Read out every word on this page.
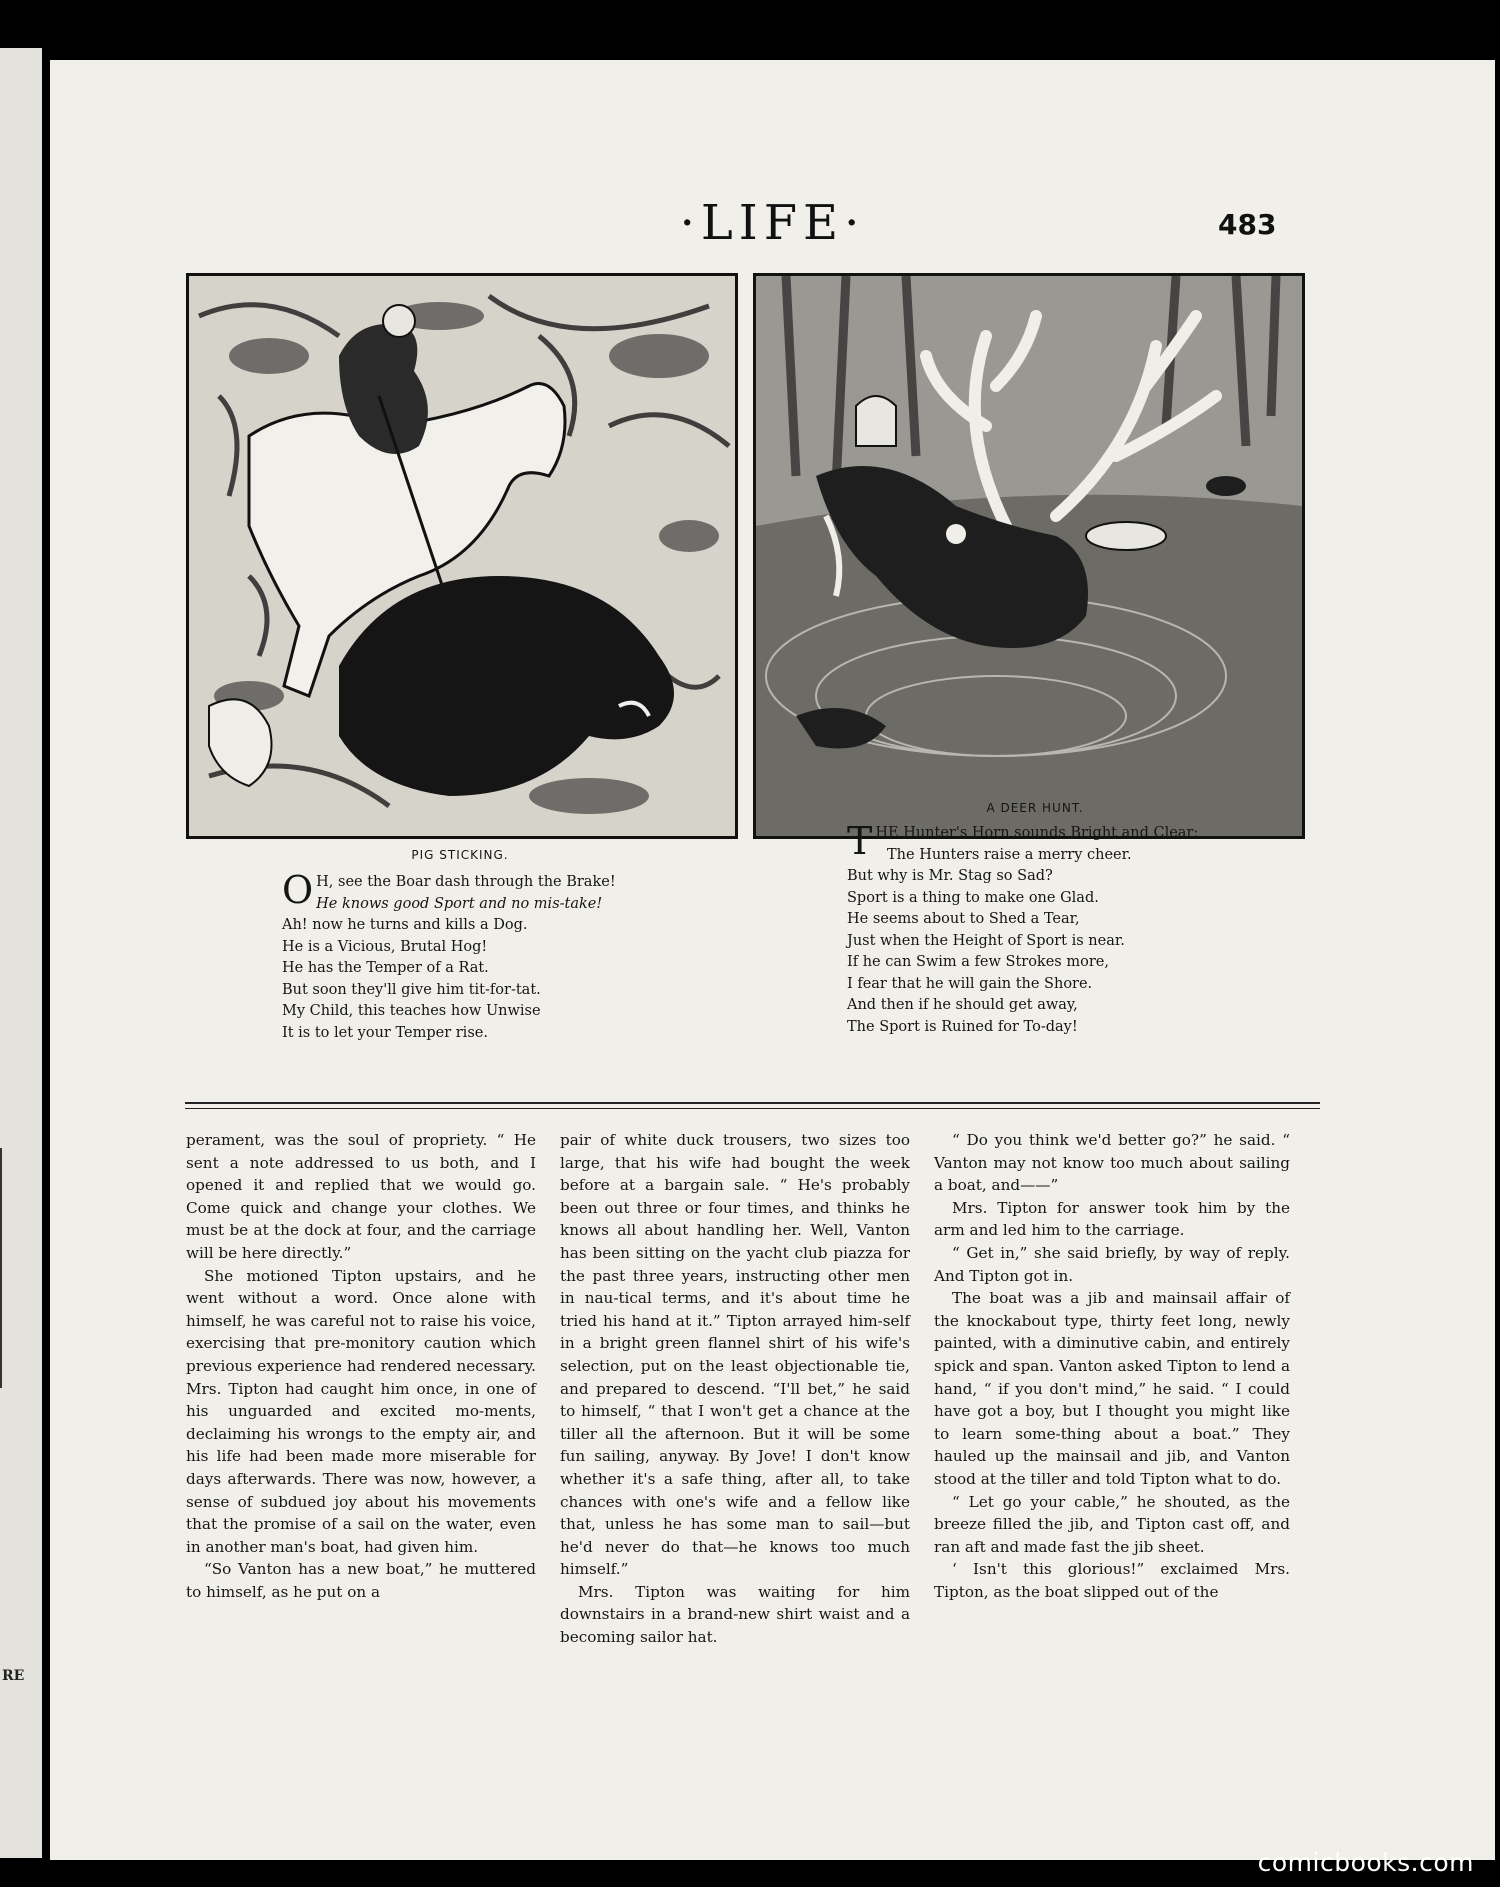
RE
·LIFE·	483
PIG STICKING.
O H, see the Boar dash through the Brake!
He knows good Sport and no mis-take!
Ah! now he turns and kills a Dog.
He is a Vicious, Brutal Hog!
He has the Temper of a Rat.
But soon they'll give him tit-for-tat.
My Child, this teaches how Unwise
It is to let your Temper rise.
A DEER HUNT.
T HE Hunter's Horn sounds Bright and Clear;
The Hunters raise a merry cheer.
But why is Mr. Stag so Sad?
Sport is a thing to make one Glad.
He seems about to Shed a Tear,
Just when the Height of Sport is near.
If he can Swim a few Strokes more,
I fear that he will gain the Shore.
And then if he should get away,
The Sport is Ruined for To-day!

perament, was the soul of propriety. “ He sent a note addressed to us both, and I opened it and replied that we would go. Come quick and change your clothes. We must be at the dock at four, and the carriage will be here directly.”

She motioned Tipton upstairs, and he went without a word. Once alone with himself, he was careful not to raise his voice, exercising that pre-monitory caution which previous experience had rendered necessary. Mrs. Tipton had caught him once, in one of his unguarded and excited mo-ments, declaiming his wrongs to the empty air, and his life had been made more miserable for days afterwards. There was now, however, a sense of subdued joy about his movements that the promise of a sail on the water, even in another man's boat, had given him.

“So Vanton has a new boat,” he muttered to himself, as he put on a

pair of white duck trousers, two sizes too large, that his wife had bought the week before at a bargain sale. “ He's probably been out three or four times, and thinks he knows all about handling her. Well, Vanton has been sitting on the yacht club piazza for the past three years, instructing other men in nau-tical terms, and it's about time he tried his hand at it.” Tipton arrayed him-self in a bright green flannel shirt of his wife's selection, put on the least objectionable tie, and prepared to descend. “I'll bet,” he said to himself, “ that I won't get a chance at the tiller all the afternoon. But it will be some fun sailing, anyway. By Jove! I don't know whether it's a safe thing, after all, to take chances with one's wife and a fellow like that, unless he has some man to sail—but he'd never do that—he knows too much himself.”

Mrs. Tipton was waiting for him downstairs in a brand-new shirt waist and a becoming sailor hat.

“ Do you think we'd better go?” he said. “ Vanton may not know too much about sailing a boat, and——”

Mrs. Tipton for answer took him by the arm and led him to the carriage.

“ Get in,” she said briefly, by way of reply. And Tipton got in.

The boat was a jib and mainsail affair of the knockabout type, thirty feet long, newly painted, with a diminutive cabin, and entirely spick and span. Vanton asked Tipton to lend a hand, “ if you don't mind,” he said. “ I could have got a boy, but I thought you might like to learn some-thing about a boat.” They hauled up the mainsail and jib, and Vanton stood at the tiller and told Tipton what to do.

“ Let go your cable,” he shouted, as the breeze filled the jib, and Tipton cast off, and ran aft and made fast the jib sheet.

‘ Isn't this glorious!” exclaimed Mrs. Tipton, as the boat slipped out of the

comicbooks.com
